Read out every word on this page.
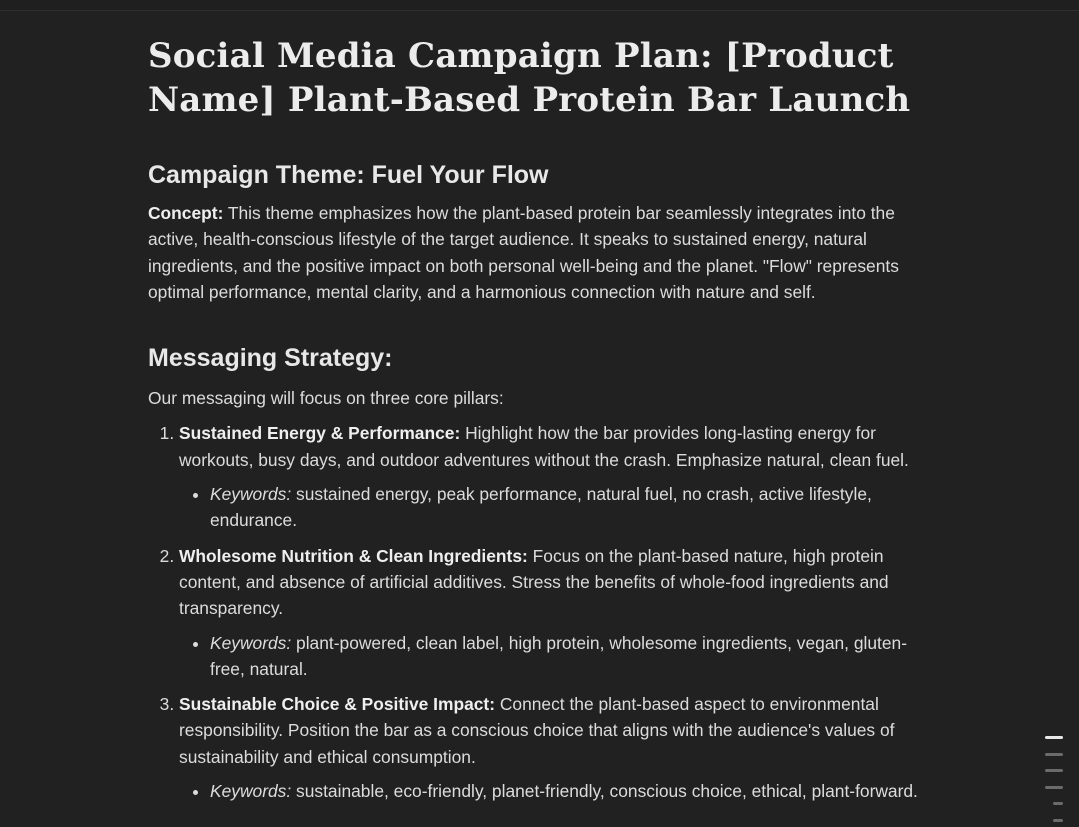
Social Media Campaign Plan: [Product Name] Plant-Based Protein Bar Launch
Campaign Theme: Fuel Your Flow

Concept: This theme emphasizes how the plant-based protein bar seamlessly integrates into the active, health-conscious lifestyle of the target audience. It speaks to sustained energy, natural ingredients, and the positive impact on both personal well-being and the planet. "Flow" represents optimal performance, mental clarity, and a harmonious connection with nature and self.

Messaging Strategy:

Our messaging will focus on three core pillars:

1. Sustained Energy & Performance: Highlight how the bar provides long-lasting energy for workouts, busy days, and outdoor adventures without the crash. Emphasize natural, clean fuel.
• Keywords: sustained energy, peak performance, natural fuel, no crash, active lifestyle, endurance.
2. Wholesome Nutrition & Clean Ingredients: Focus on the plant-based nature, high protein content, and absence of artificial additives. Stress the benefits of whole-food ingredients and transparency.
• Keywords: plant-powered, clean label, high protein, wholesome ingredients, vegan, gluten-free, natural.
3. Sustainable Choice & Positive Impact: Connect the plant-based aspect to environmental responsibility. Position the bar as a conscious choice that aligns with the audience's values of sustainability and ethical consumption.
• Keywords: sustainable, eco-friendly, planet-friendly, conscious choice, ethical, plant-forward.
